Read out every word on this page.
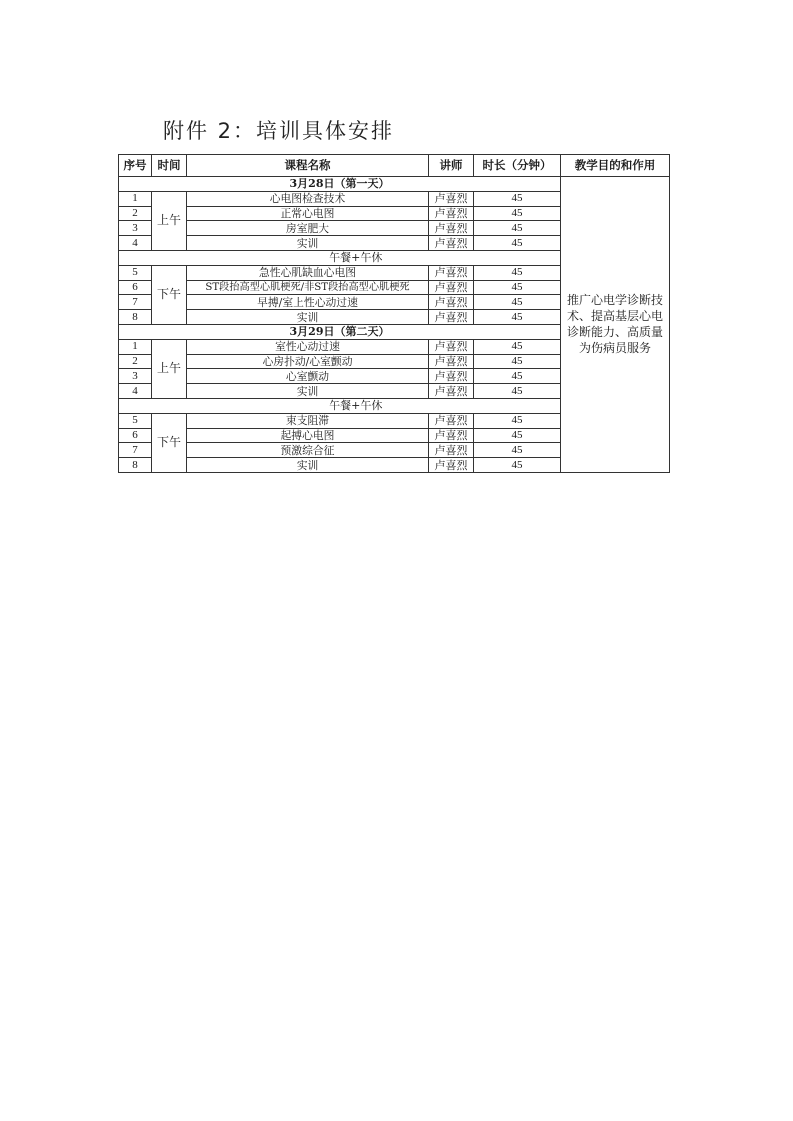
附件 2：培训具体安排
序号	时间	课程名称	讲师	时长（分钟）	教学目的和作用
3月28日（第一天）					推广心电学诊断技术、提高基层心电诊断能力、高质量为伤病员服务
1	上午	心电图检查技术	卢喜烈	45	
2		正常心电图	卢喜烈	45	
3		房室肥大	卢喜烈	45	
4		实训	卢喜烈	45	
	午餐+午休				
5	下午	急性心肌缺血心电图	卢喜烈	45	
6		ST段抬高型心肌梗死/非ST段抬高型心肌梗死	卢喜烈	45	
7		早搏/室上性心动过速	卢喜烈	45	
8		实训	卢喜烈	45	
3月29日（第二天）					
1	上午	室性心动过速	卢喜烈	45	
2		心房扑动/心室颤动	卢喜烈	45	
3		心室颤动	卢喜烈	45	
4		实训	卢喜烈	45	
	午餐+午休				
5	下午	束支阻滞	卢喜烈	45	
6		起搏心电图	卢喜烈	45	
7		预激综合征	卢喜烈	45	
8		实训	卢喜烈	45	
